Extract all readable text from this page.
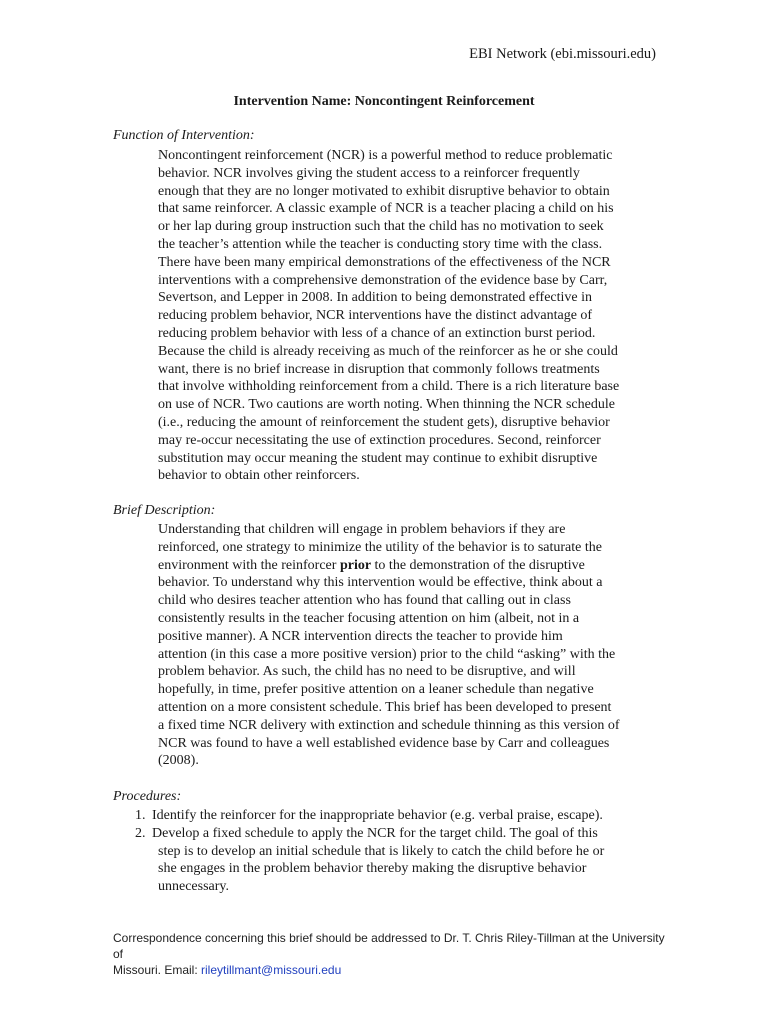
EBI Network (ebi.missouri.edu)
Intervention Name: Noncontingent Reinforcement
Function of Intervention:
Noncontingent reinforcement (NCR) is a powerful method to reduce problematic
behavior. NCR involves giving the student access to a reinforcer frequently
enough that they are no longer motivated to exhibit disruptive behavior to obtain
that same reinforcer. A classic example of NCR is a teacher placing a child on his
or her lap during group instruction such that the child has no motivation to seek
the teacher’s attention while the teacher is conducting story time with the class.
There have been many empirical demonstrations of the effectiveness of the NCR
interventions with a comprehensive demonstration of the evidence base by Carr,
Severtson, and Lepper in 2008. In addition to being demonstrated effective in
reducing problem behavior, NCR interventions have the distinct advantage of
reducing problem behavior with less of a chance of an extinction burst period.
Because the child is already receiving as much of the reinforcer as he or she could
want, there is no brief increase in disruption that commonly follows treatments
that involve withholding reinforcement from a child. There is a rich literature base
on use of NCR. Two cautions are worth noting. When thinning the NCR schedule
(i.e., reducing the amount of reinforcement the student gets), disruptive behavior
may re-occur necessitating the use of extinction procedures. Second, reinforcer
substitution may occur meaning the student may continue to exhibit disruptive
behavior to obtain other reinforcers.
Brief Description:
Understanding that children will engage in problem behaviors if they are
reinforced, one strategy to minimize the utility of the behavior is to saturate the
environment with the reinforcer prior to the demonstration of the disruptive
behavior. To understand why this intervention would be effective, think about a
child who desires teacher attention who has found that calling out in class
consistently results in the teacher focusing attention on him (albeit, not in a
positive manner). A NCR intervention directs the teacher to provide him
attention (in this case a more positive version) prior to the child “asking” with the
problem behavior. As such, the child has no need to be disruptive, and will
hopefully, in time, prefer positive attention on a leaner schedule than negative
attention on a more consistent schedule. This brief has been developed to present
a fixed time NCR delivery with extinction and schedule thinning as this version of
NCR was found to have a well established evidence base by Carr and colleagues
(2008).
Procedures:
1. Identify the reinforcer for the inappropriate behavior (e.g. verbal praise, escape).
2. Develop a fixed schedule to apply the NCR for the target child. The goal of this
step is to develop an initial schedule that is likely to catch the child before he or
she engages in the problem behavior thereby making the disruptive behavior
unnecessary.
Correspondence concerning this brief should be addressed to Dr. T. Chris Riley-Tillman at the University of
Missouri. Email: rileytillmant@missouri.edu
